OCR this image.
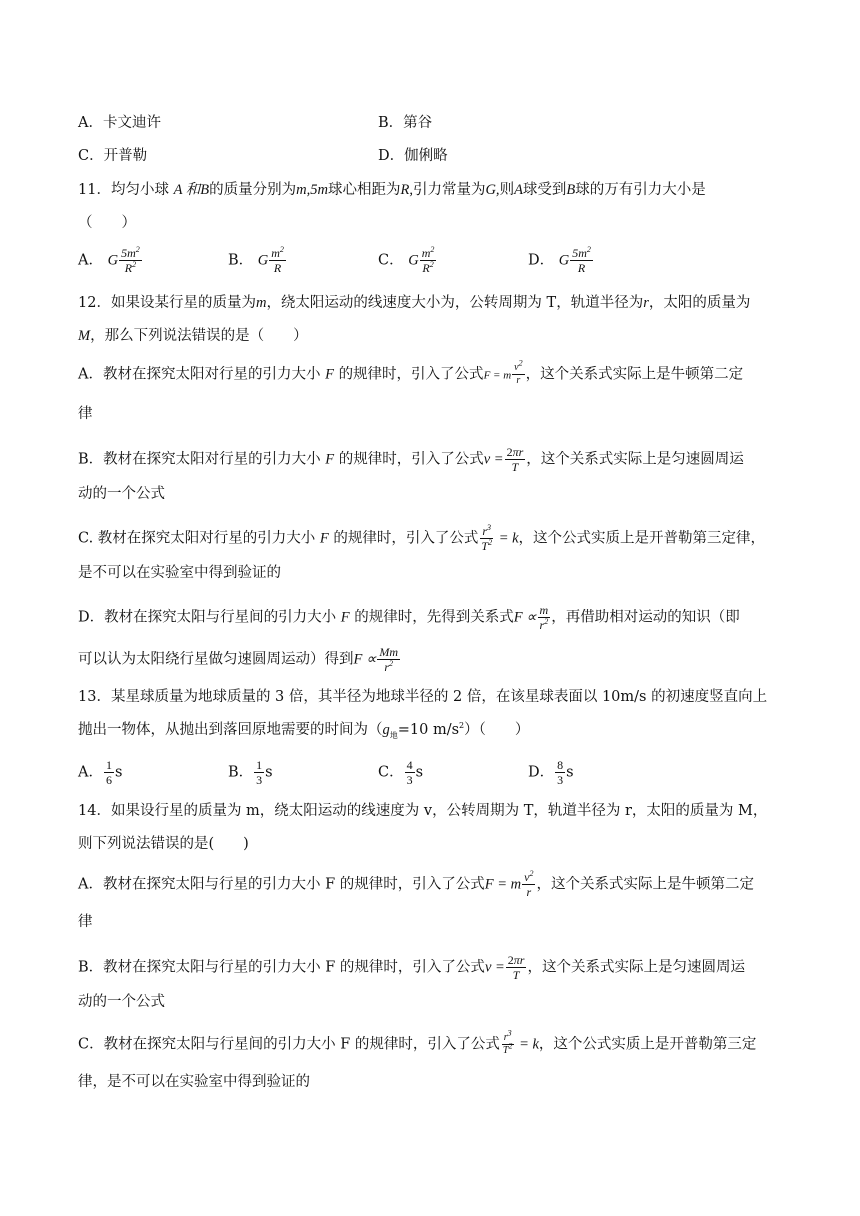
A．卡文迪许	B．第谷
C．开普勒	D．伽俐略
11．均匀小球 A 和B的质量分别为m,5m球心相距为R,引力常量为G,则A球受到B球的万有引力大小是
（　　）
A． G $\frac{5m^2}{R^2}$	B． G $\frac{m^2}{R}$	C． G $\frac{m^2}{R^2}$	D． G $\frac{5m^2}{R}$
12．如果设某行星的质量为m，绕太阳运动的线速度大小为，公转周期为 T，轨道半径为r，太阳的质量为
M，那么下列说法错误的是（　　）
A．教材在探究太阳对行星的引力大小 F 的规律时，引入了公式F = m $\frac{v^2}{r}$ ，这个关系式实际上是牛顿第二定
律
B．教材在探究太阳对行星的引力大小 F 的规律时，引入了公式$v = \frac{2\pi r}{T}$ ，这个关系式实际上是匀速圆周运
动的一个公式
C. 教材在探究太阳对行星的引力大小 F 的规律时，引入了公式 $\frac{r^3}{T^2} = k$，这个公式实质上是开普勒第三定律，
是不可以在实验室中得到验证的
D．教材在探究太阳与行星间的引力大小 F 的规律时，先得到关系式$F \propto \frac{m}{r^2}$ ，再借助相对运动的知识（即
可以认为太阳绕行星做匀速圆周运动）得到$F \propto \frac{Mm}{r^2}$
13．某星球质量为地球质量的 3 倍，其半径为地球半径的 2 倍，在该星球表面以 10m/s 的初速度竖直向上
抛出一物体，从抛出到落回原地需要的时间为（$g_地=10$ $m/s^2$）（　　）
A． $\frac{1}{6}$ s	B． $\frac{1}{3}$ s	C． $\frac{4}{3}$ s	D． $\frac{8}{3}$ s
14．如果设行星的质量为 m，绕太阳运动的线速度为 v，公转周期为 T，轨道半径为 r，太阳的质量为 M，
则下列说法错误的是(　　)
A．教材在探究太阳与行星的引力大小 F 的规律时，引入了公式F = m $\frac{v^2}{r}$ ，这个关系式实际上是牛顿第二定
律
B．教材在探究太阳与行星的引力大小 F 的规律时，引入了公式$v = \frac{2\pi r}{T}$ ，这个关系式实际上是匀速圆周运
动的一个公式
C．教材在探究太阳与行星间的引力大小 F 的规律时，引入了公式 $\frac{r^3}{T^2} = k$，这个公式实质上是开普勒第三定
律，是不可以在实验室中得到验证的
